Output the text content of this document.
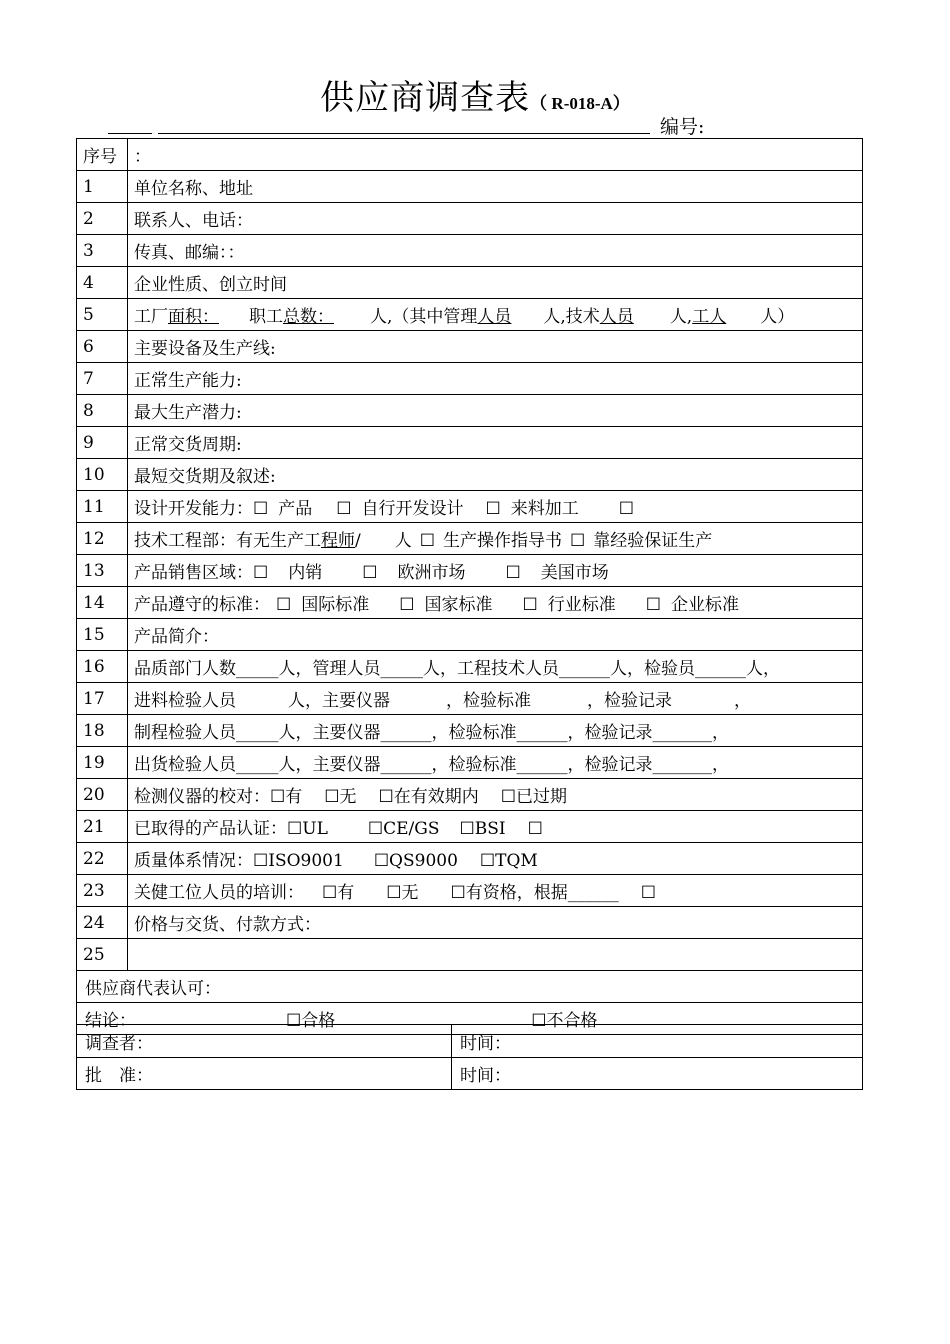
供应商调查表（ R-018-A）
编号:
序号	：
1	单位名称、地址
2	联系人、电话：
3	传真、邮编：：
4	企业性质、创立时间
5	工厂面积： 职工总数： 人,（其中管理人员 人,技术人员 人,工人 人）
6	主要设备及生产线:
7	正常生产能力:
8	最大生产潜力:
9	正常交货周期:
10	最短交货期及叙述:
11	设计开发能力：☐ 产品 ☐ 自行开发设计 ☐ 来料加工 ☐
12	技术工程部：有无生产工程师/ 人 ☐ 生产操作指导书 ☐ 靠经验保证生产
13	产品销售区域：☐ 内销 ☐ 欧洲市场 ☐ 美国市场
14	产品遵守的标准： ☐ 国际标准 ☐ 国家标准 ☐ 行业标准 ☐ 企业标准
15	产品简介：
16	品质部门人数_____人，管理人员_____人，工程技术人员______人，检验员______人，
17	进料检验人员 人，主要仪器 ，检验标准 ，检验记录 ，
18	制程检验人员_____人，主要仪器______，检验标准______，检验记录_______，
19	出货检验人员_____人，主要仪器______，检验标准______，检验记录_______，
20	检测仪器的校对：☐有 ☐无 ☐在有效期内 ☐已过期
21	已取得的产品认证：☐UL ☐CE/GS ☐BSI ☐
22	质量体系情况：☐ISO9001 ☐QS9000 ☐TQM
23	关健工位人员的培训： ☐有 ☐无 ☐有资格，根据______ ☐
24	价格与交货、付款方式：
25	
供应商代表认可：	
结论： ☐合格 ☐不合格	
调查者：	时间：
批　准：	时间：
